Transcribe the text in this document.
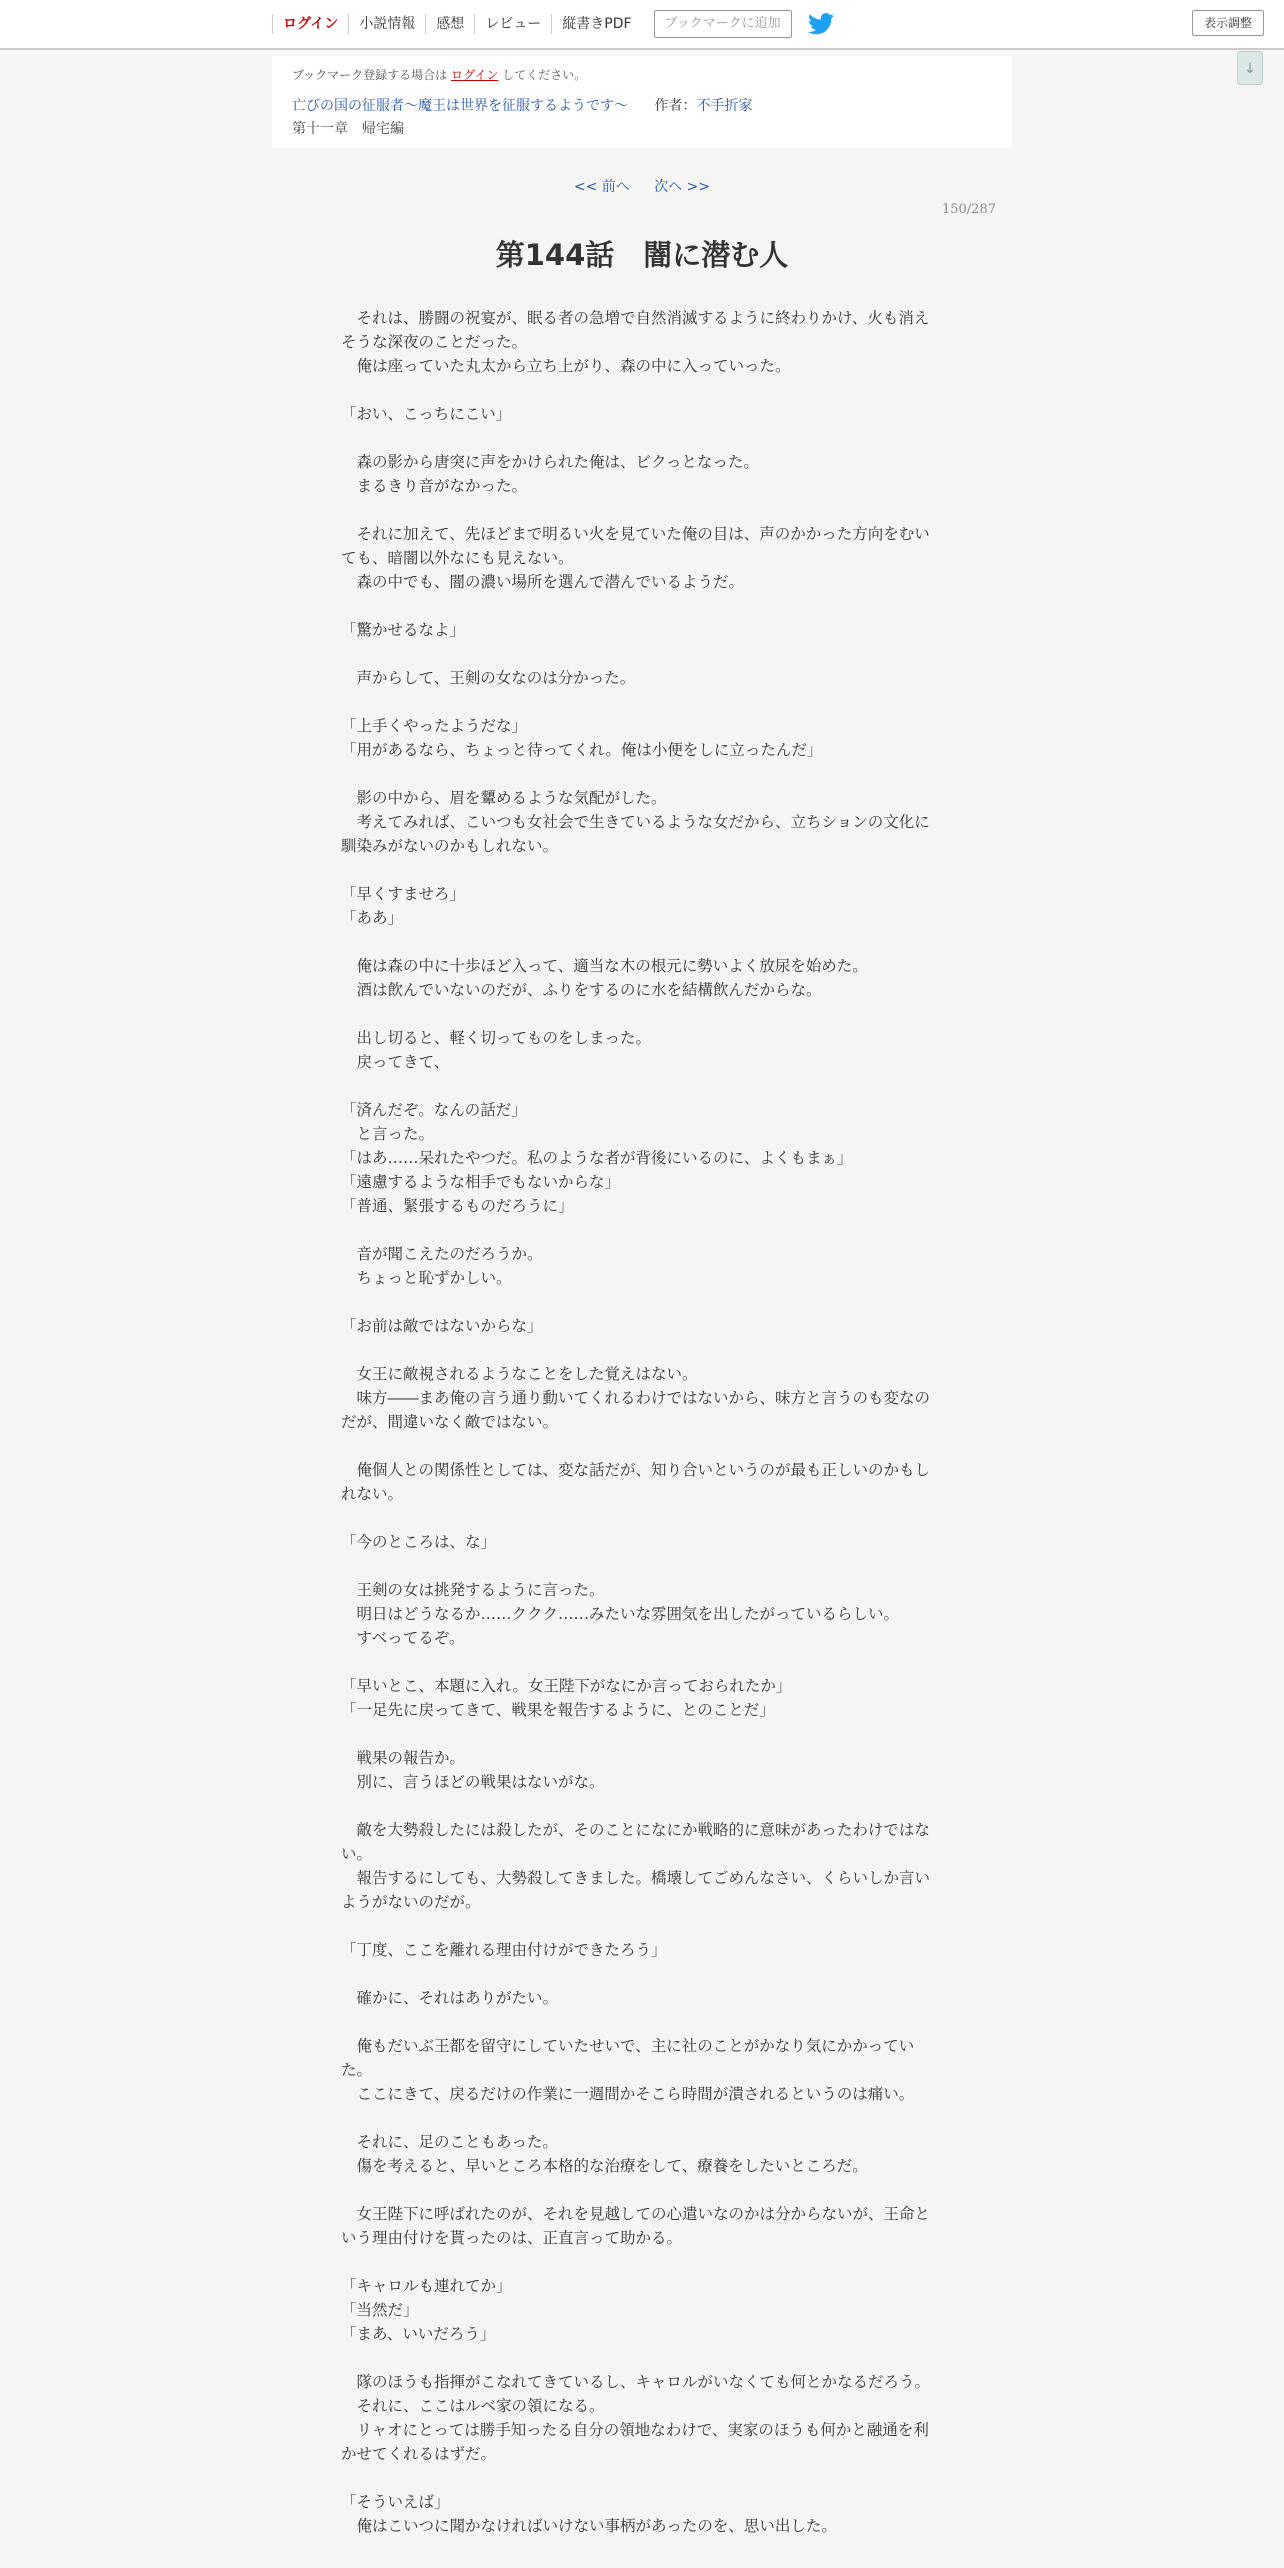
ログイン	小説情報	感想	レビュー	縦書きPDF	ブックマークに追加	表示調整
↓

ブックマーク登録する場合は ログイン してください。

亡びの国の征服者～魔王は世界を征服するようです～ 作者：不手折家
第十一章 帰宅編
<< 前へ 次へ >>
150/287
第144話　闇に潜む人

　それは、勝闘の祝宴が、眠る者の急増で自然消滅するように終わりかけ、火も消えそうな深夜のことだった。

　俺は座っていた丸太から立ち上がり、森の中に入っていった。

「おい、こっちにこい」

　森の影から唐突に声をかけられた俺は、ビクっとなった。

　まるきり音がなかった。

　それに加えて、先ほどまで明るい火を見ていた俺の目は、声のかかった方向をむいても、暗闇以外なにも見えない。

　森の中でも、闇の濃い場所を選んで潜んでいるようだ。

「驚かせるなよ」

　声からして、王剣の女なのは分かった。

「上手くやったようだな」

「用があるなら、ちょっと待ってくれ。俺は小便をしに立ったんだ」

　影の中から、眉を顰めるような気配がした。

　考えてみれば、こいつも女社会で生きているような女だから、立ちションの文化に馴染みがないのかもしれない。

「早くすませろ」

「ああ」

　俺は森の中に十歩ほど入って、適当な木の根元に勢いよく放尿を始めた。

　酒は飲んでいないのだが、ふりをするのに水を結構飲んだからな。

　出し切ると、軽く切ってものをしまった。

　戻ってきて、

「済んだぞ。なんの話だ」

　と言った。

「はあ……呆れたやつだ。私のような者が背後にいるのに、よくもまぁ」

「遠慮するような相手でもないからな」

「普通、緊張するものだろうに」

　音が聞こえたのだろうか。

　ちょっと恥ずかしい。

「お前は敵ではないからな」

　女王に敵視されるようなことをした覚えはない。

　味方――まあ俺の言う通り動いてくれるわけではないから、味方と言うのも変なのだが、間違いなく敵ではない。

　俺個人との関係性としては、変な話だが、知り合いというのが最も正しいのかもしれない。

「今のところは、な」

　王剣の女は挑発するように言った。

　明日はどうなるか……ククク……みたいな雰囲気を出したがっているらしい。

　すべってるぞ。

「早いとこ、本題に入れ。女王陛下がなにか言っておられたか」

「一足先に戻ってきて、戦果を報告するように、とのことだ」

　戦果の報告か。

　別に、言うほどの戦果はないがな。

　敵を大勢殺したには殺したが、そのことになにか戦略的に意味があったわけではない。

　報告するにしても、大勢殺してきました。橋壊してごめんなさい、くらいしか言いようがないのだが。

「丁度、ここを離れる理由付けができたろう」

　確かに、それはありがたい。

　俺もだいぶ王都を留守にしていたせいで、主に社のことがかなり気にかかっていた。

　ここにきて、戻るだけの作業に一週間かそこら時間が潰されるというのは痛い。

　それに、足のこともあった。

　傷を考えると、早いところ本格的な治療をして、療養をしたいところだ。

　女王陛下に呼ばれたのが、それを見越しての心遣いなのかは分からないが、王命という理由付けを貰ったのは、正直言って助かる。

「キャロルも連れてか」

「当然だ」

「まあ、いいだろう」

　隊のほうも指揮がこなれてきているし、キャロルがいなくても何とかなるだろう。

　それに、ここはルベ家の領になる。

　リャオにとっては勝手知ったる自分の領地なわけで、実家のほうも何かと融通を利かせてくれるはずだ。

「そういえば」

　俺はこいつに聞かなければいけない事柄があったのを、思い出した。
